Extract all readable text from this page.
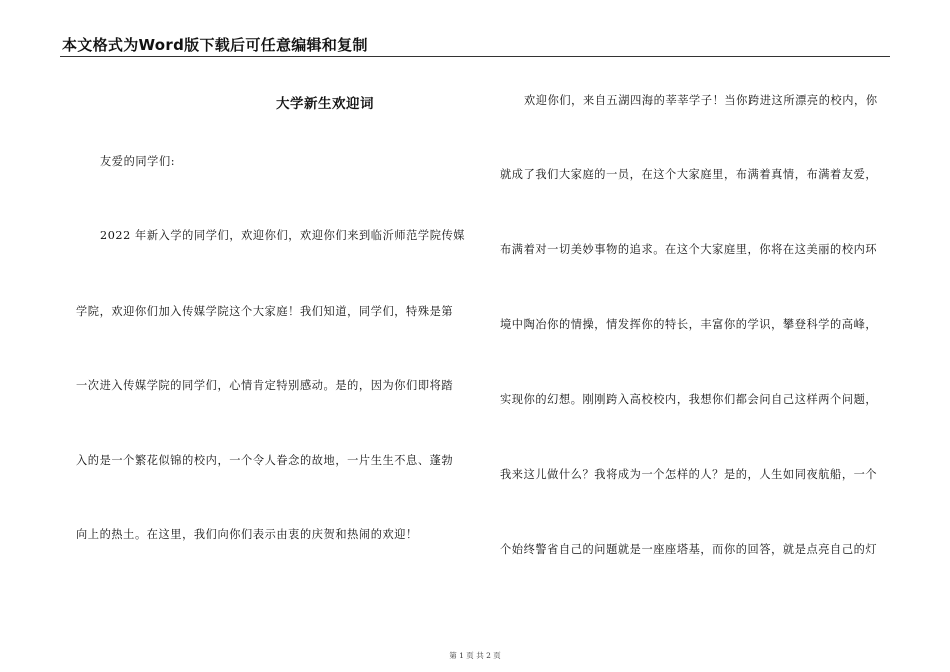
本文格式为Word版下载后可任意编辑和复制
大学新生欢迎词
友爱的同学们:
2022 年新入学的同学们，欢迎你们，欢迎你们来到临沂师范学院传媒
学院，欢迎你们加入传媒学院这个大家庭！我们知道，同学们，特殊是第
一次进入传媒学院的同学们，心情肯定特别感动。是的，因为你们即将踏
入的是一个繁花似锦的校内，一个令人眷念的故地，一片生生不息、蓬勃
向上的热土。在这里，我们向你们表示由衷的庆贺和热闹的欢迎！
欢迎你们，来自五湖四海的莘莘学子！当你跨进这所漂亮的校内，你
就成了我们大家庭的一员，在这个大家庭里，布满着真情，布满着友爱，
布满着对一切美妙事物的追求。在这个大家庭里，你将在这美丽的校内环
境中陶冶你的情操，情发挥你的特长，丰富你的学识，攀登科学的高峰，
实现你的幻想。刚刚跨入高校校内，我想你们都会问自己这样两个问题，
我来这儿做什么？我将成为一个怎样的人？是的，人生如同夜航船，一个
个始终警省自己的问题就是一座座塔基，而你的回答，就是点亮自己的灯
第 1 页 共 2 页
